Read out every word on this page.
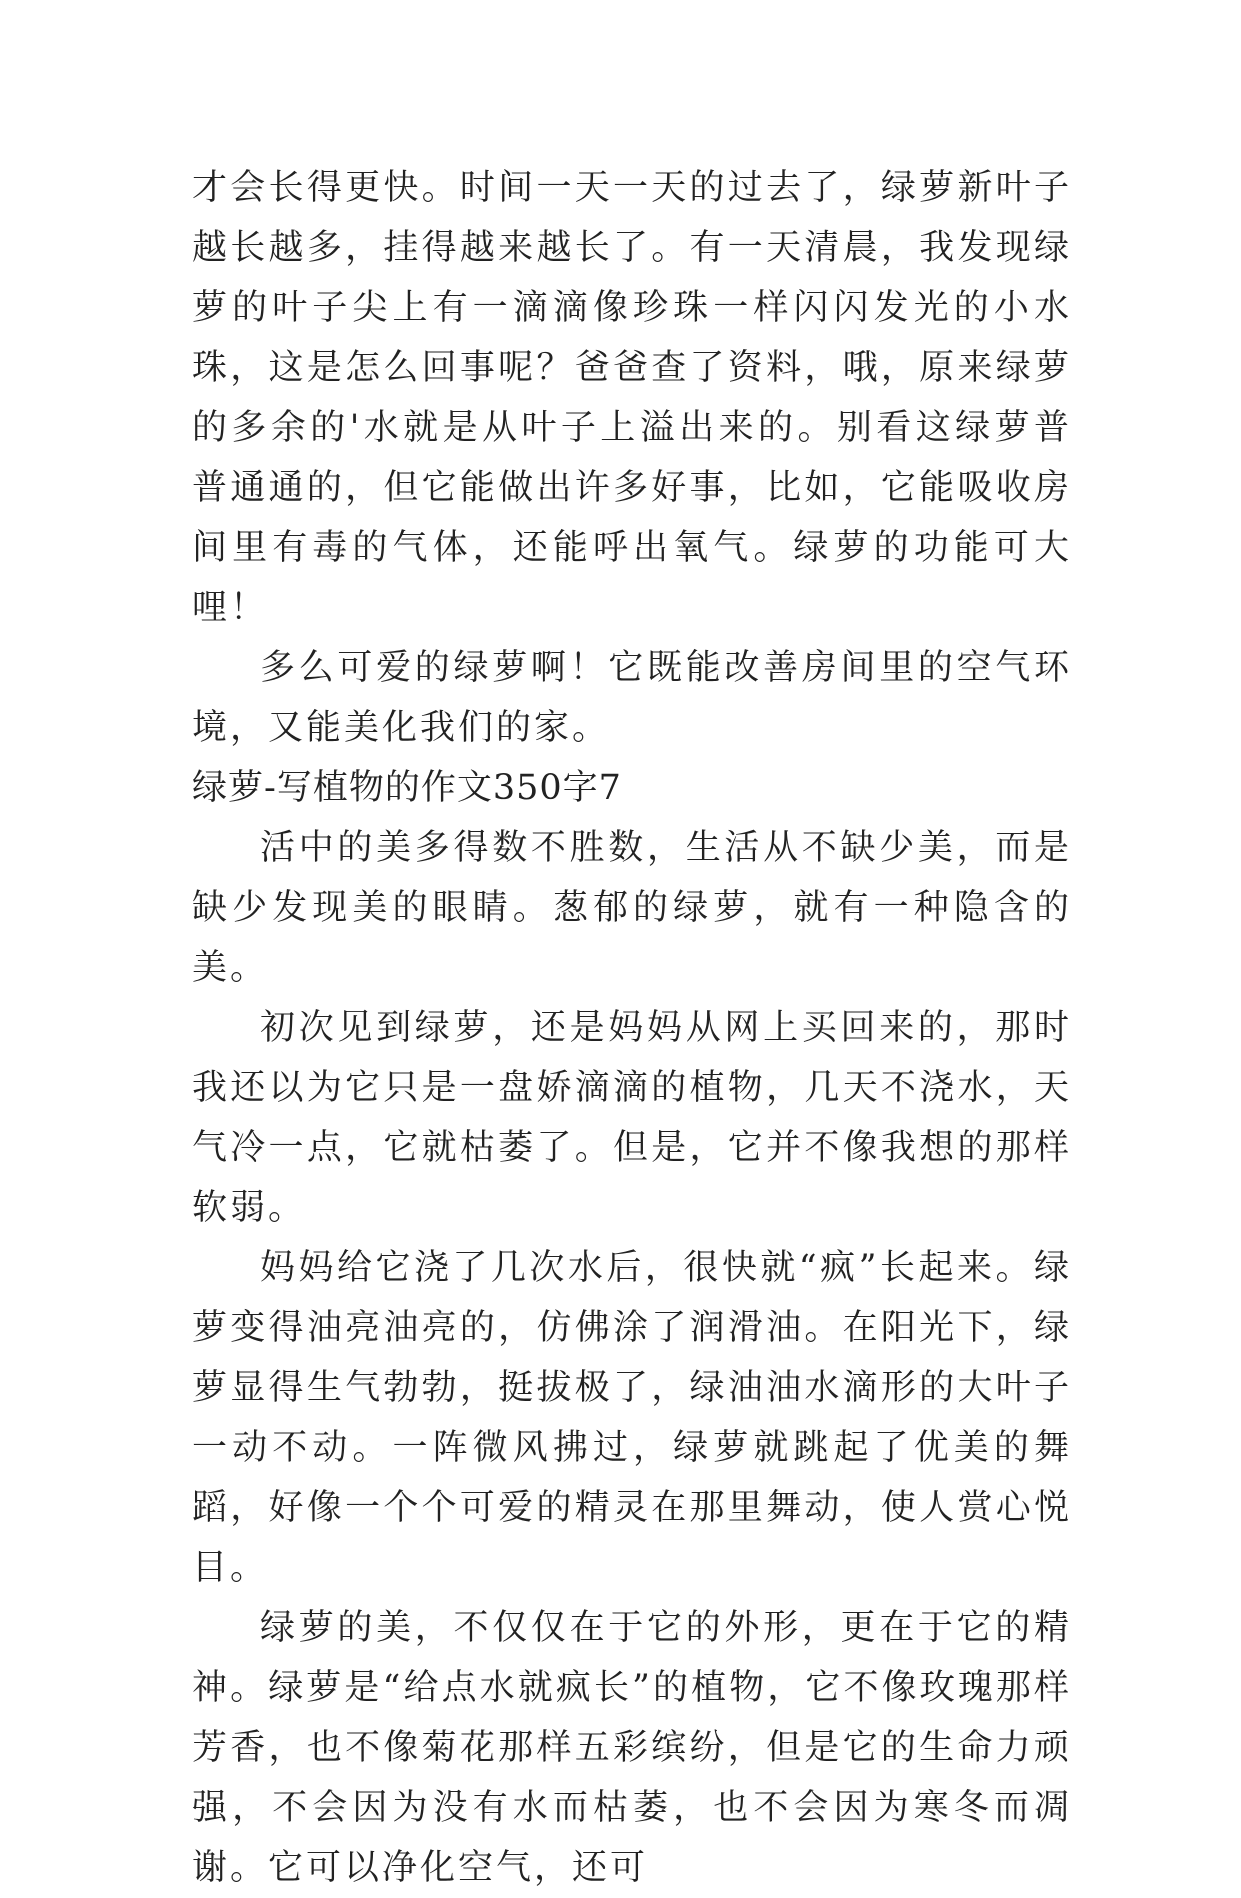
才会长得更快。时间一天一天的过去了，绿萝新叶子越长越多，挂得越来越长了。有一天清晨，我发现绿萝的叶子尖上有一滴滴像珍珠一样闪闪发光的小水珠，这是怎么回事呢？爸爸查了资料，哦，原来绿萝的多余的'水就是从叶子上溢出来的。别看这绿萝普普通通的，但它能做出许多好事，比如，它能吸收房间里有毒的气体，还能呼出氧气。绿萝的功能可大哩！

多么可爱的绿萝啊！它既能改善房间里的空气环境，又能美化我们的家。

绿萝-写植物的作文350字7

活中的美多得数不胜数，生活从不缺少美，而是缺少发现美的眼睛。葱郁的绿萝，就有一种隐含的美。

初次见到绿萝，还是妈妈从网上买回来的，那时我还以为它只是一盘娇滴滴的植物，几天不浇水，天气冷一点，它就枯萎了。但是，它并不像我想的那样软弱。

妈妈给它浇了几次水后，很快就“疯”长起来。绿萝变得油亮油亮的，仿佛涂了润滑油。在阳光下，绿萝显得生气勃勃，挺拔极了，绿油油水滴形的大叶子一动不动。一阵微风拂过，绿萝就跳起了优美的舞蹈，好像一个个可爱的精灵在那里舞动，使人赏心悦目。

绿萝的美，不仅仅在于它的外形，更在于它的精神。绿萝是“给点水就疯长”的植物，它不像玫瑰那样芳香，也不像菊花那样五彩缤纷，但是它的生命力顽强，不会因为没有水而枯萎，也不会因为寒冬而凋谢。它可以净化空气，还可
